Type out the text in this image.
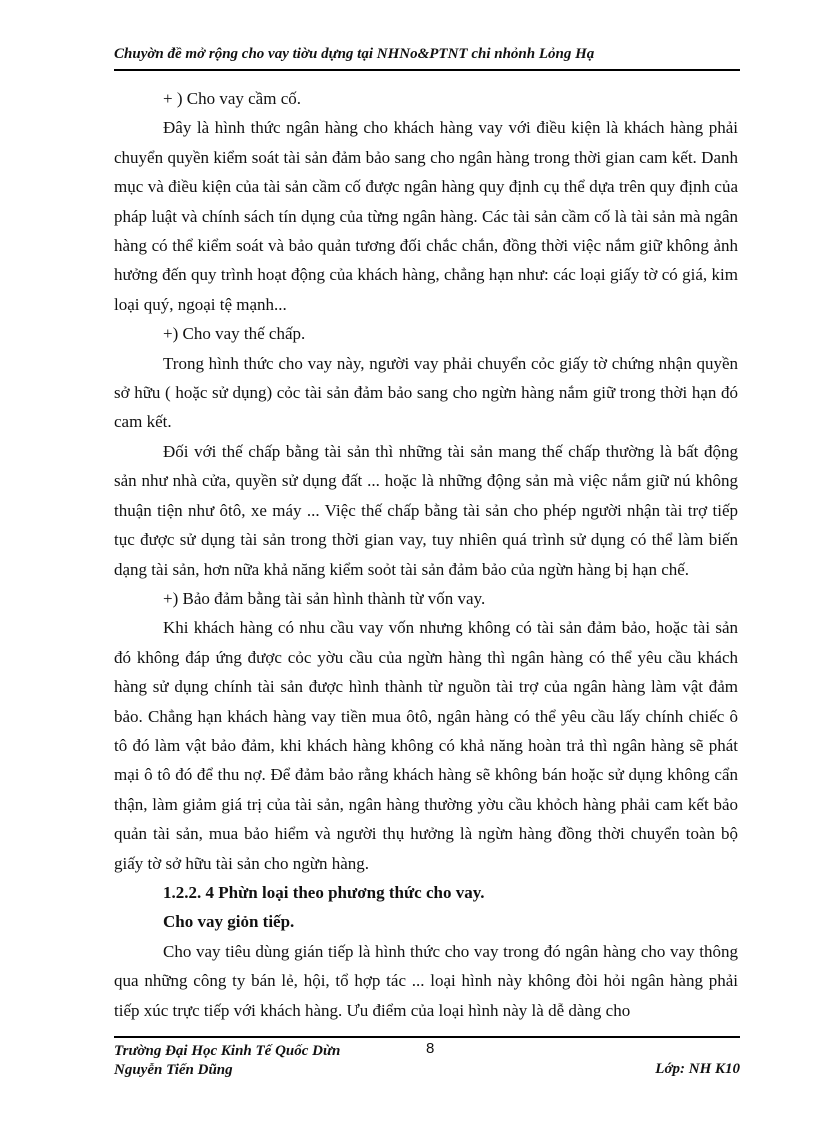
Chuyờn đề mở rộng cho vay tiờu dựng tại NHNo&PTNT chi nhỏnh Lỏng Hạ

+ ) Cho vay cầm cố.

Đây là hình thức ngân hàng cho khách hàng vay với điều kiện là khách hàng phải chuyển quyền kiểm soát tài sản đảm bảo sang cho ngân hàng trong thời gian cam kết. Danh mục và điều kiện của tài sản cầm cố được ngân hàng quy định cụ thể dựa trên quy định của pháp luật và chính sách tín dụng của từng ngân hàng. Các tài sản cầm cố là tài sản mà ngân hàng có thể kiểm soát và bảo quản tương đối chắc chắn, đồng thời việc nắm giữ không ảnh hưởng đến quy trình hoạt động của khách hàng, chẳng hạn như: các loại giấy tờ có giá, kim loại quý, ngoại tệ mạnh...

+) Cho vay thế chấp.

Trong hình thức cho vay này, người vay phải chuyển cỏc giấy tờ chứng nhận quyền sở hữu ( hoặc sử dụng) cỏc tài sản đảm bảo sang cho ngừn hàng nắm giữ trong thời hạn đó cam kết.

Đối với thế chấp bằng tài sản thì những tài sản mang thế chấp thường là bất động sản như nhà cửa, quyền sử dụng đất ... hoặc là những động sản mà việc nắm giữ nú không thuận tiện như ôtô, xe máy ... Việc thế chấp bằng tài sản cho phép người nhận tài trợ tiếp tục được sử dụng tài sản trong thời gian vay, tuy nhiên quá trình sử dụng có thể làm biến dạng tài sản, hơn nữa khả năng kiểm soỏt tài sản đảm bảo của ngừn hàng bị hạn chế.

+) Bảo đảm bằng tài sản hình thành từ vốn vay.

Khi khách hàng có nhu cầu vay vốn nhưng không có tài sản đảm bảo, hoặc tài sản đó không đáp ứng được cỏc yờu cầu của ngừn hàng thì ngân hàng có thể yêu cầu khách hàng sử dụng chính tài sản được hình thành từ nguồn tài trợ của ngân hàng làm vật đảm bảo. Chẳng hạn khách hàng vay tiền mua ôtô, ngân hàng có thể yêu cầu lấy chính chiếc ô tô đó làm vật bảo đảm, khi khách hàng không có khả năng hoàn trả thì ngân hàng sẽ phát mại ô tô đó để thu nợ. Để đảm bảo rằng khách hàng sẽ không bán hoặc sử dụng không cẩn thận, làm giảm giá trị của tài sản, ngân hàng thường yờu cầu khỏch hàng phải cam kết bảo quản tài sản, mua bảo hiểm và người thụ hưởng là ngừn hàng đồng thời chuyển toàn bộ giấy tờ sở hữu tài sản cho ngừn hàng.

1.2.2. 4 Phừn loại theo phương thức cho vay.

Cho vay giỏn tiếp.

Cho vay tiêu dùng gián tiếp là hình thức cho vay trong đó ngân hàng cho vay thông qua những công ty bán lẻ, hội, tổ hợp tác ... loại hình này không đòi hỏi ngân hàng phải tiếp xúc trực tiếp với khách hàng. Ưu điểm của loại hình này là dễ dàng cho

8
Trường Đại Học Kinh Tế Quốc Dừn
Nguyễn Tiến Dũng	Lớp: NH K10
